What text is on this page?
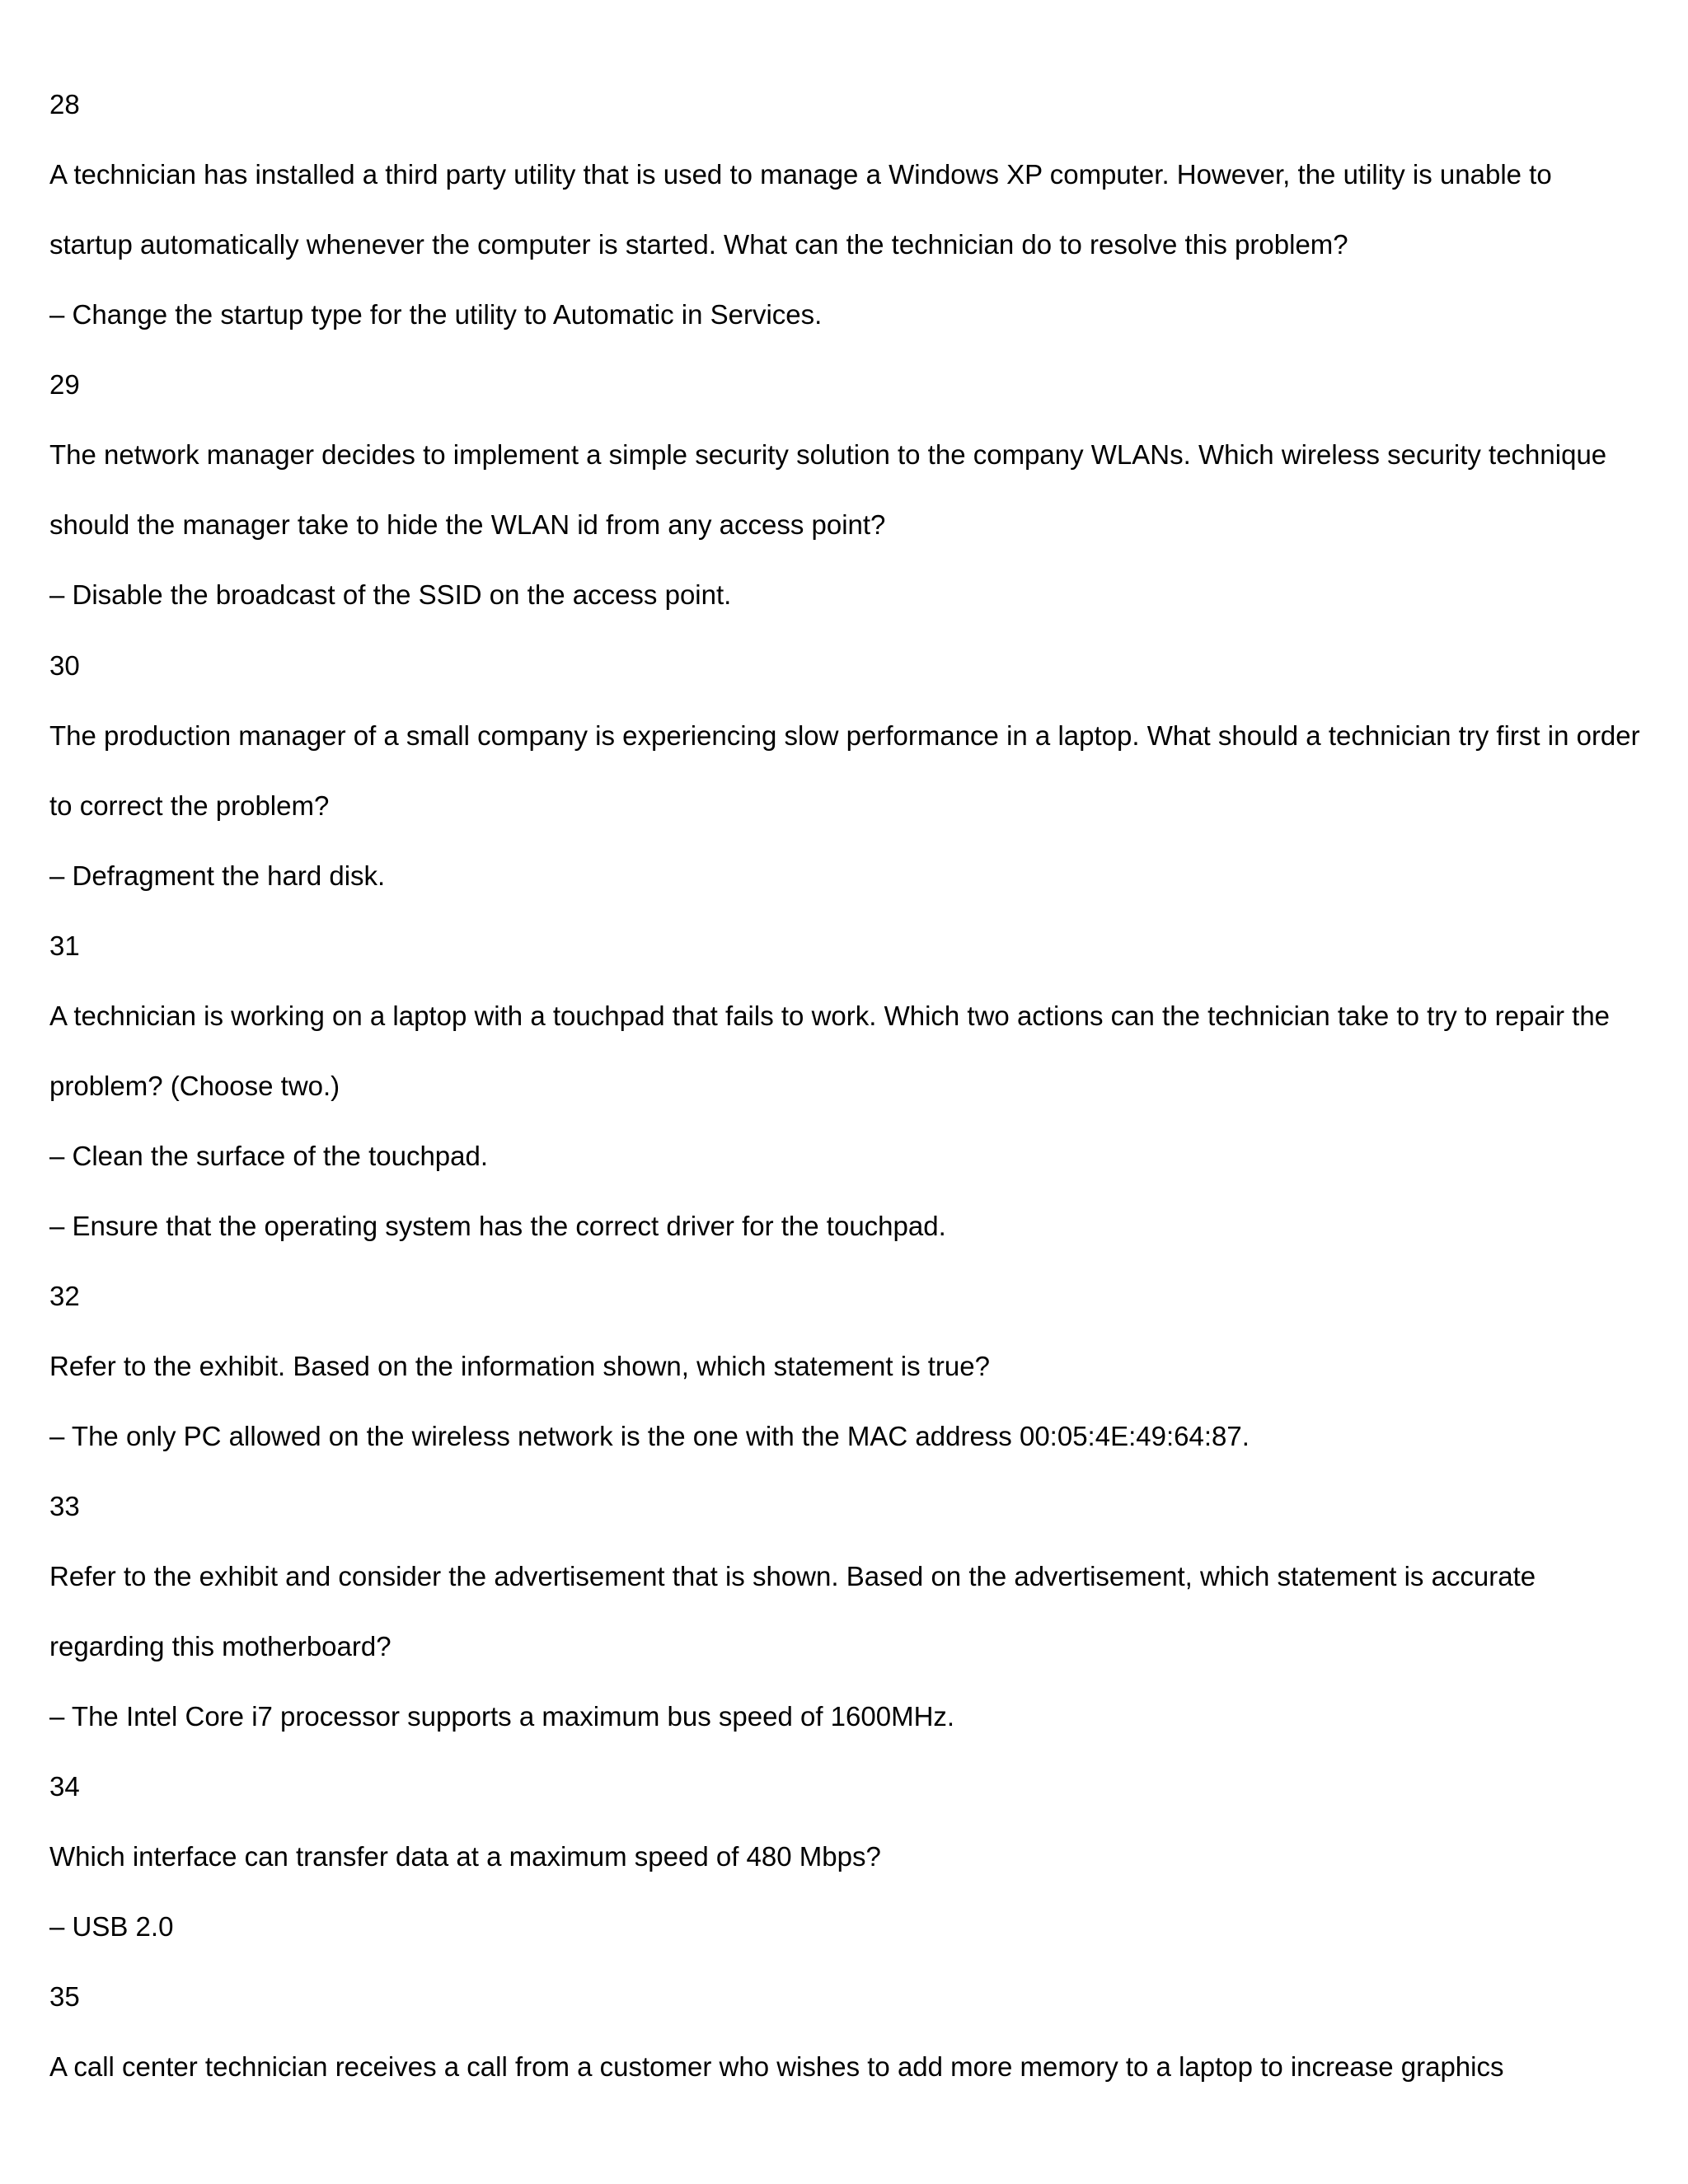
28

A technician has installed a third party utility that is used to manage a Windows XP computer. However, the utility is unable to

startup automatically whenever the computer is started. What can the technician do to resolve this problem?

– Change the startup type for the utility to Automatic in Services.

29

The network manager decides to implement a simple security solution to the company WLANs. Which wireless security technique

should the manager take to hide the WLAN id from any access point?

– Disable the broadcast of the SSID on the access point.

30

The production manager of a small company is experiencing slow performance in a laptop. What should a technician try first in order

to correct the problem?

– Defragment the hard disk.

31

A technician is working on a laptop with a touchpad that fails to work. Which two actions can the technician take to try to repair the

problem? (Choose two.)

– Clean the surface of the touchpad.

– Ensure that the operating system has the correct driver for the touchpad.

32

Refer to the exhibit. Based on the information shown, which statement is true?

– The only PC allowed on the wireless network is the one with the MAC address 00:05:4E:49:64:87.

33

Refer to the exhibit and consider the advertisement that is shown. Based on the advertisement, which statement is accurate

regarding this motherboard?

– The Intel Core i7 processor supports a maximum bus speed of 1600MHz.

34

Which interface can transfer data at a maximum speed of 480 Mbps?

– USB 2.0

35

A call center technician receives a call from a customer who wishes to add more memory to a laptop to increase graphics
